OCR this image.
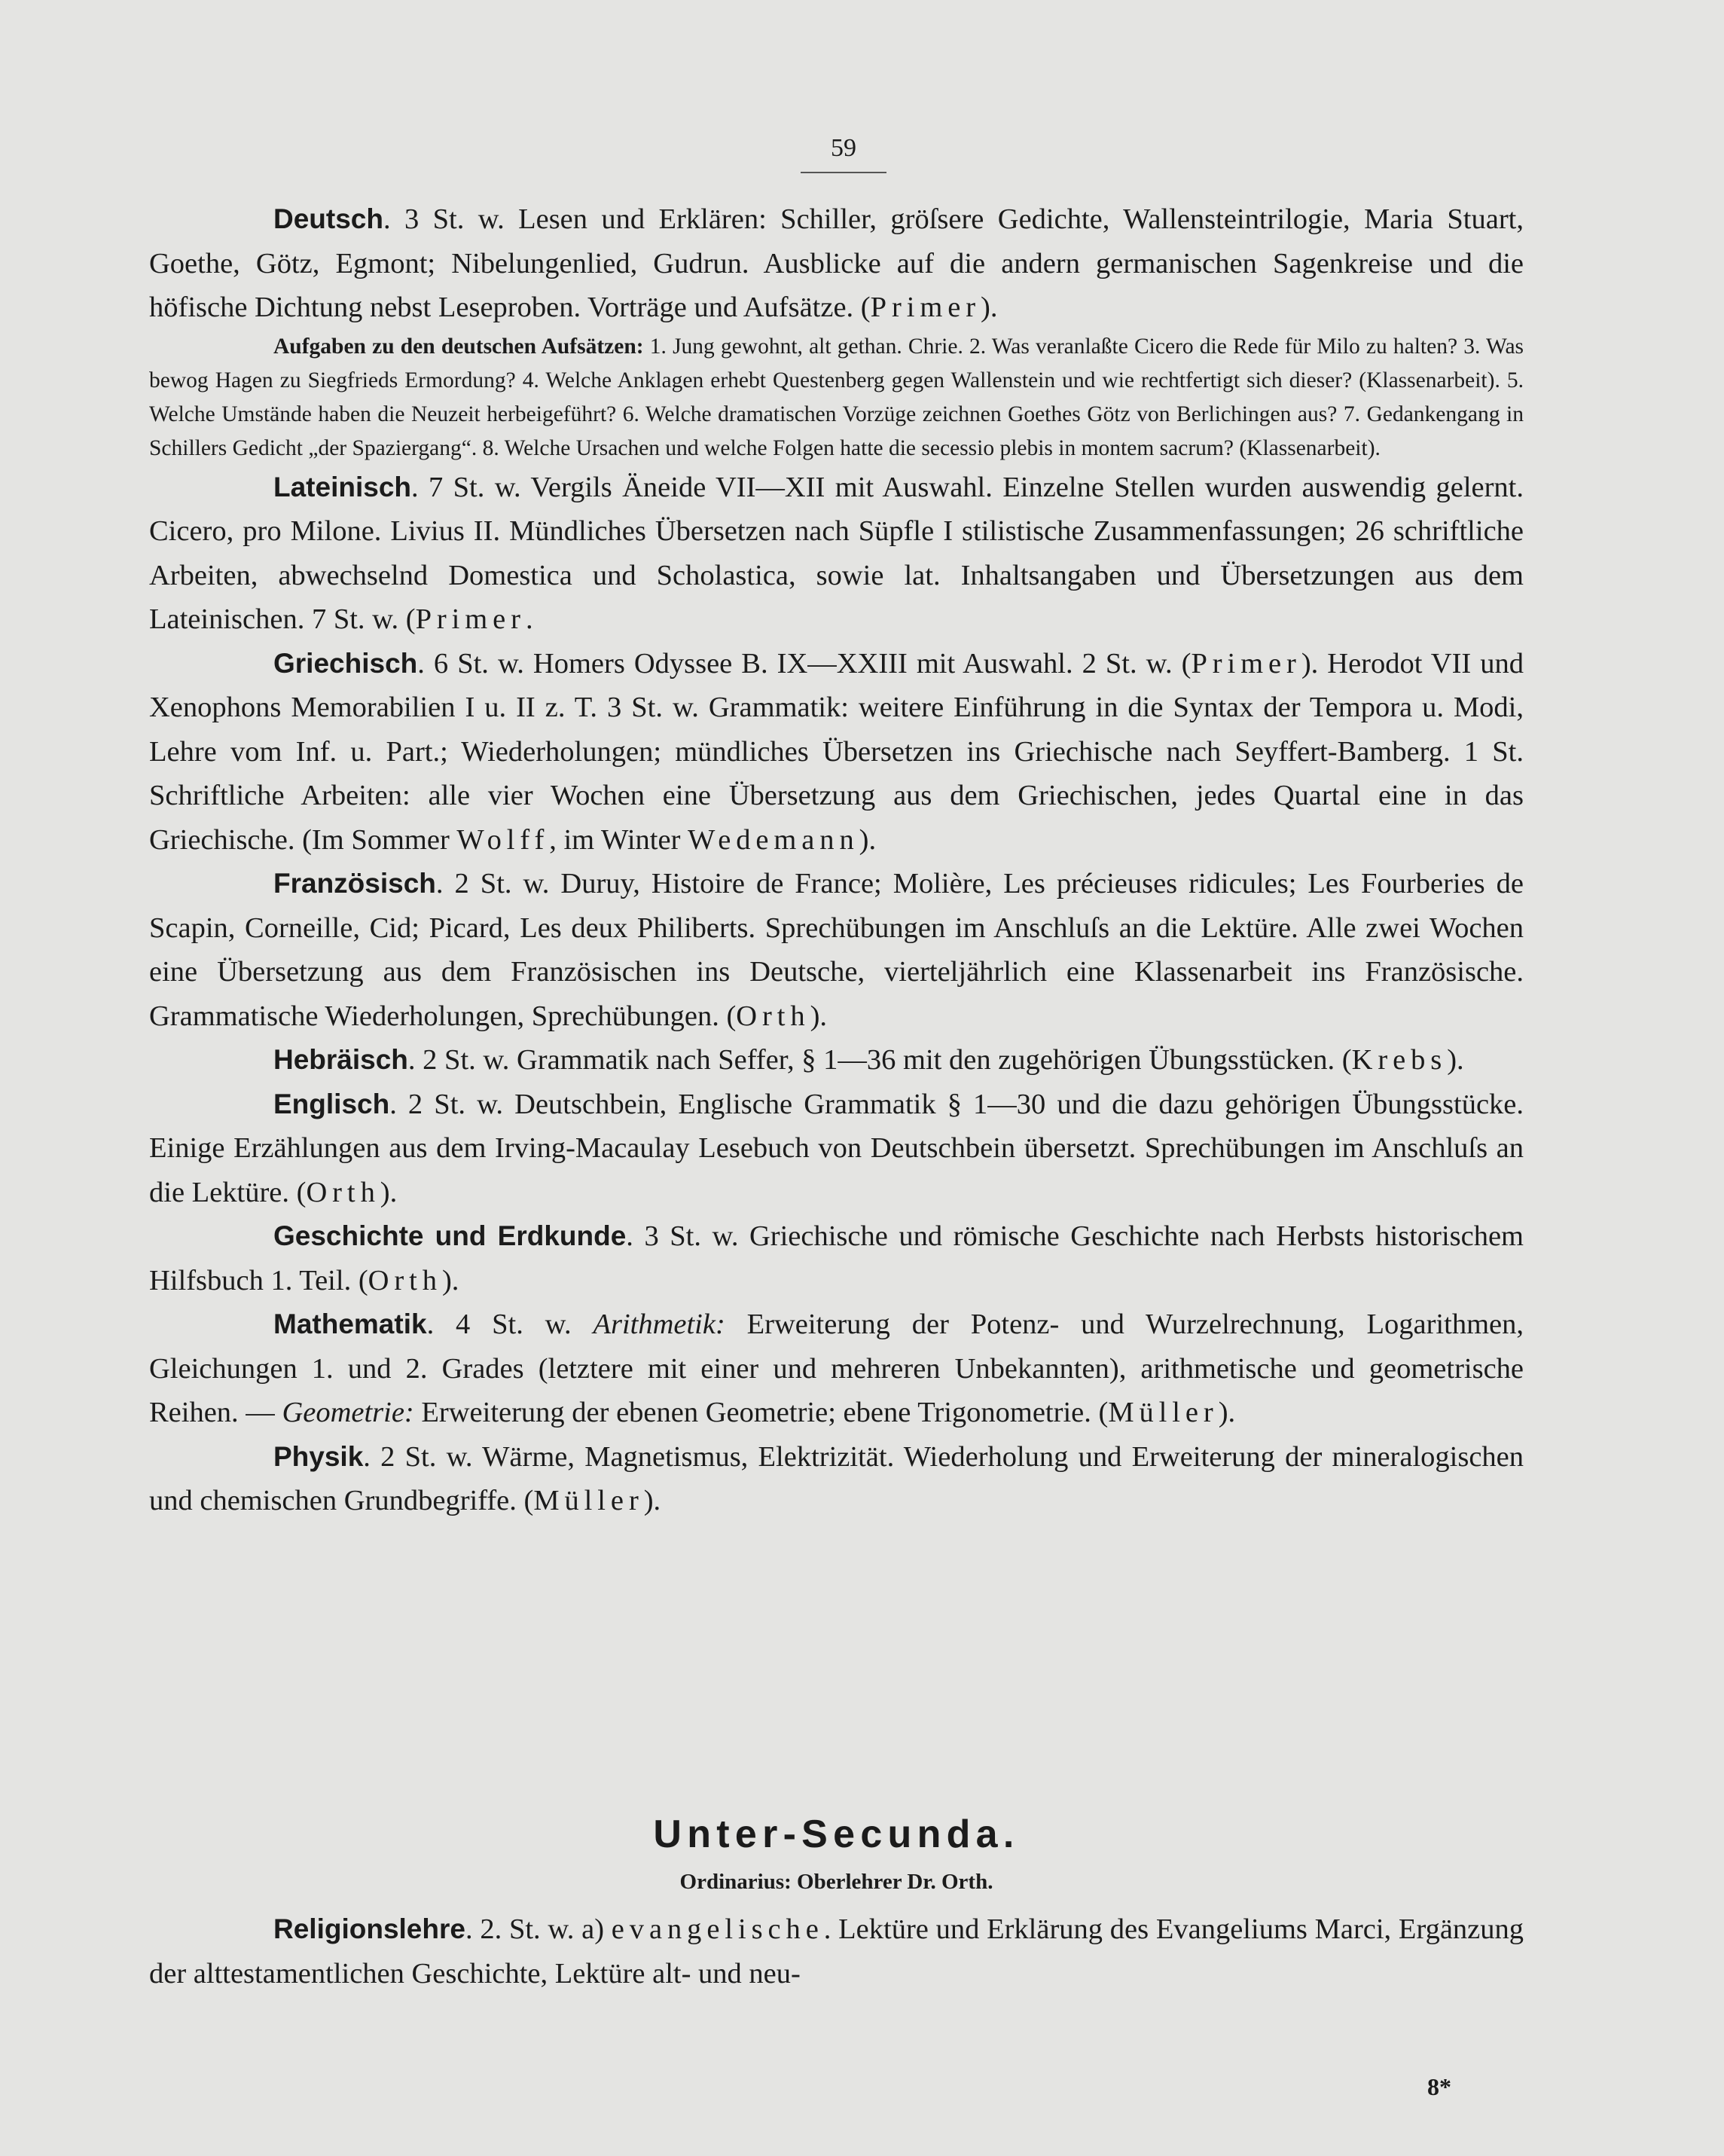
59

Deutsch. 3 St. w. Lesen und Erklären: Schiller, gröſsere Gedichte, Wallensteintrilogie, Maria Stuart, Goethe, Götz, Egmont; Nibelungenlied, Gudrun. Ausblicke auf die andern germanischen Sagenkreise und die höfische Dichtung nebst Leseproben. Vorträge und Aufsätze. (Primer).

Aufgaben zu den deutschen Aufsätzen: 1. Jung gewohnt, alt gethan. Chrie. 2. Was veranlaßte Cicero die Rede für Milo zu halten? 3. Was bewog Hagen zu Siegfrieds Ermordung? 4. Welche Anklagen erhebt Questenberg gegen Wallenstein und wie rechtfertigt sich dieser? (Klassenarbeit). 5. Welche Umstände haben die Neuzeit herbeigeführt? 6. Welche dramatischen Vorzüge zeichnen Goethes Götz von Berlichingen aus? 7. Gedankengang in Schillers Gedicht „der Spaziergang“. 8. Welche Ursachen und welche Folgen hatte die secessio plebis in montem sacrum? (Klassenarbeit).

Lateinisch. 7 St. w. Vergils Äneide VII—XII mit Auswahl. Einzelne Stellen wurden auswendig gelernt. Cicero, pro Milone. Livius II. Mündliches Übersetzen nach Süpfle I stilistische Zusammenfassungen; 26 schriftliche Arbeiten, abwechselnd Domestica und Scholastica, sowie lat. Inhaltsangaben und Übersetzungen aus dem Lateinischen. 7 St. w. (Primer.

Griechisch. 6 St. w. Homers Odyssee B. IX—XXIII mit Auswahl. 2 St. w. (Primer). Herodot VII und Xenophons Memorabilien I u. II z. T. 3 St. w. Grammatik: weitere Einführung in die Syntax der Tempora u. Modi, Lehre vom Inf. u. Part.; Wiederholungen; mündliches Übersetzen ins Griechische nach Seyffert-Bamberg. 1 St. Schriftliche Arbeiten: alle vier Wochen eine Übersetzung aus dem Griechischen, jedes Quartal eine in das Griechische. (Im Sommer Wolff, im Winter Wedemann).

Französisch. 2 St. w. Duruy, Histoire de France; Molière, Les précieuses ridicules; Les Fourberies de Scapin, Corneille, Cid; Picard, Les deux Philiberts. Sprechübungen im Anschluſs an die Lektüre. Alle zwei Wochen eine Übersetzung aus dem Französischen ins Deutsche, vierteljährlich eine Klassenarbeit ins Französische. Grammatische Wiederholungen, Sprechübungen. (Orth).

Hebräisch. 2 St. w. Grammatik nach Seffer, § 1—36 mit den zugehörigen Übungsstücken. (Krebs).

Englisch. 2 St. w. Deutschbein, Englische Grammatik § 1—30 und die dazu gehörigen Übungsstücke. Einige Erzählungen aus dem Irving-Macaulay Lesebuch von Deutschbein übersetzt. Sprechübungen im Anschluſs an die Lektüre. (Orth).

Geschichte und Erdkunde. 3 St. w. Griechische und römische Geschichte nach Herbsts historischem Hilfsbuch 1. Teil. (Orth).

Mathematik. 4 St. w. Arithmetik: Erweiterung der Potenz- und Wurzelrechnung, Logarithmen, Gleichungen 1. und 2. Grades (letztere mit einer und mehreren Unbekannten), arithmetische und geometrische Reihen. — Geometrie: Erweiterung der ebenen Geometrie; ebene Trigonometrie. (Müller).

Physik. 2 St. w. Wärme, Magnetismus, Elektrizität. Wiederholung und Erweiterung der mineralogischen und chemischen Grundbegriffe. (Müller).

Unter-Secunda.
Ordinarius: Oberlehrer Dr. Orth.

Religionslehre. 2. St. w. a) evangelische. Lektüre und Erklärung des Evangeliums Marci, Ergänzung der alttestamentlichen Geschichte, Lektüre alt- und neu-

8*
